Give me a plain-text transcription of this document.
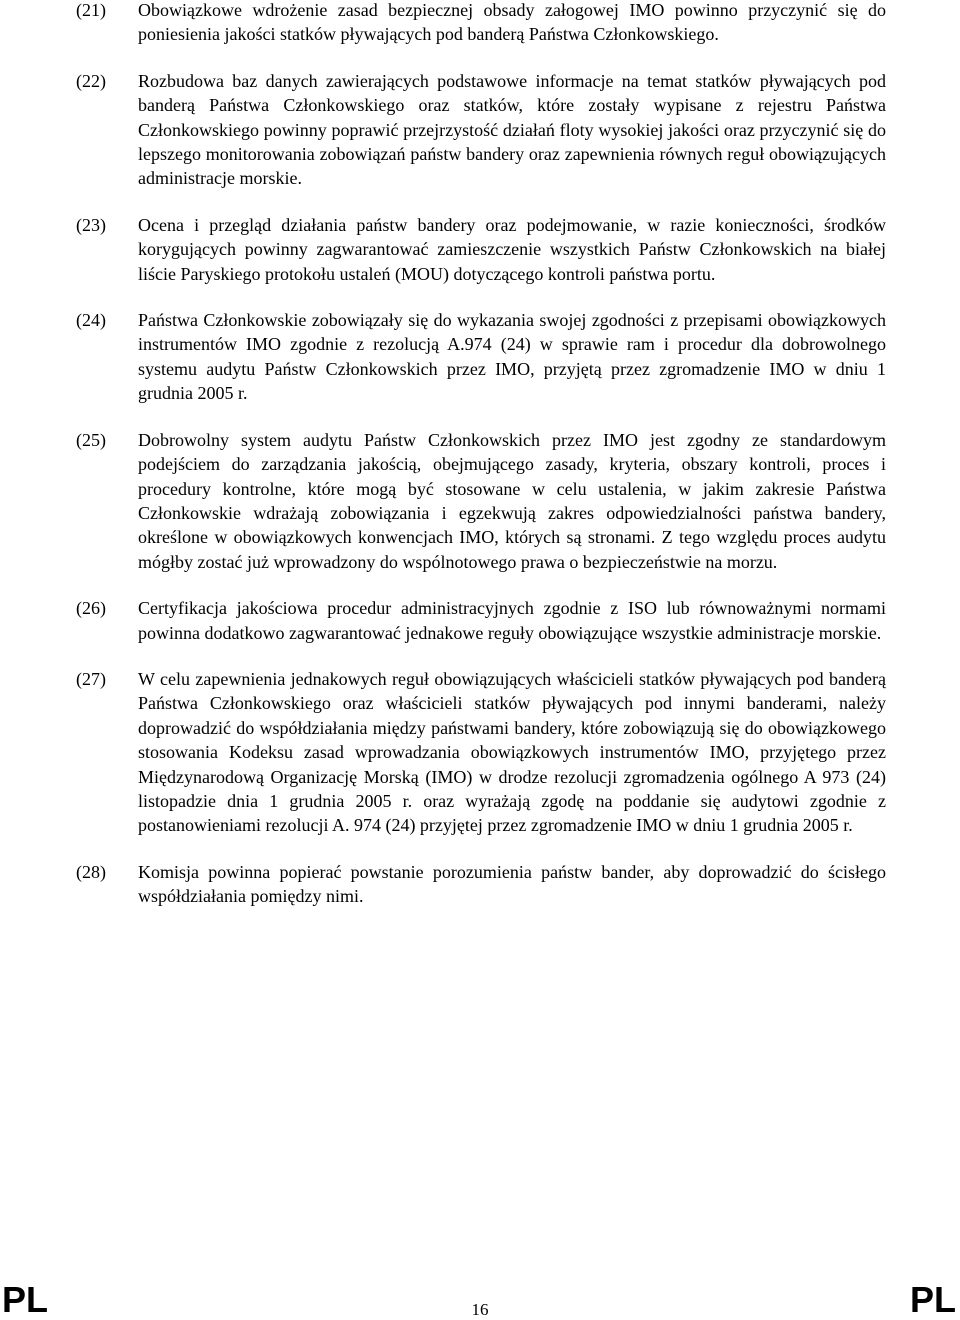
(21)	Obowiązkowe wdrożenie zasad bezpiecznej obsady załogowej IMO powinno przyczynić się do poniesienia jakości statków pływających pod banderą Państwa Członkowskiego.

(22)	Rozbudowa baz danych zawierających podstawowe informacje na temat statków pływających pod banderą Państwa Członkowskiego oraz statków, które zostały wypisane z rejestru Państwa Członkowskiego powinny poprawić przejrzystość działań floty wysokiej jakości oraz przyczynić się do lepszego monitorowania zobowiązań państw bandery oraz zapewnienia równych reguł obowiązujących administracje morskie.

(23)	Ocena i przegląd działania państw bandery oraz podejmowanie, w razie konieczności, środków korygujących powinny zagwarantować zamieszczenie wszystkich Państw Członkowskich na białej liście Paryskiego protokołu ustaleń (MOU) dotyczącego kontroli państwa portu.

(24)	Państwa Członkowskie zobowiązały się do wykazania swojej zgodności z przepisami obowiązkowych instrumentów IMO zgodnie z rezolucją A.974 (24) w sprawie ram i procedur dla dobrowolnego systemu audytu Państw Członkowskich przez IMO, przyjętą przez zgromadzenie IMO w dniu 1 grudnia 2005 r.

(25)	Dobrowolny system audytu Państw Członkowskich przez IMO jest zgodny ze standardowym podejściem do zarządzania jakością, obejmującego zasady, kryteria, obszary kontroli, proces i procedury kontrolne, które mogą być stosowane w celu ustalenia, w jakim zakresie Państwa Członkowskie wdrażają zobowiązania i egzekwują zakres odpowiedzialności państwa bandery, określone w obowiązkowych konwencjach IMO, których są stronami. Z tego względu proces audytu mógłby zostać już wprowadzony do wspólnotowego prawa o bezpieczeństwie na morzu.

(26)	Certyfikacja jakościowa procedur administracyjnych zgodnie z ISO lub równoważnymi normami powinna dodatkowo zagwarantować jednakowe reguły obowiązujące wszystkie administracje morskie.

(27)	W celu zapewnienia jednakowych reguł obowiązujących właścicieli statków pływających pod banderą Państwa Członkowskiego oraz właścicieli statków pływających pod innymi banderami, należy doprowadzić do współdziałania między państwami bandery, które zobowiązują się do obowiązkowego stosowania Kodeksu zasad wprowadzania obowiązkowych instrumentów IMO, przyjętego przez Międzynarodową Organizację Morską (IMO) w drodze rezolucji zgromadzenia ogólnego A 973 (24) listopadzie dnia 1 grudnia 2005 r. oraz wyrażają zgodę na poddanie się audytowi zgodnie z postanowieniami rezolucji A. 974 (24) przyjętej przez zgromadzenie IMO w dniu 1 grudnia 2005 r.

(28)	Komisja powinna popierać powstanie porozumienia państw bander, aby doprowadzić do ścisłego współdziałania pomiędzy nimi.

PL	16	PL
